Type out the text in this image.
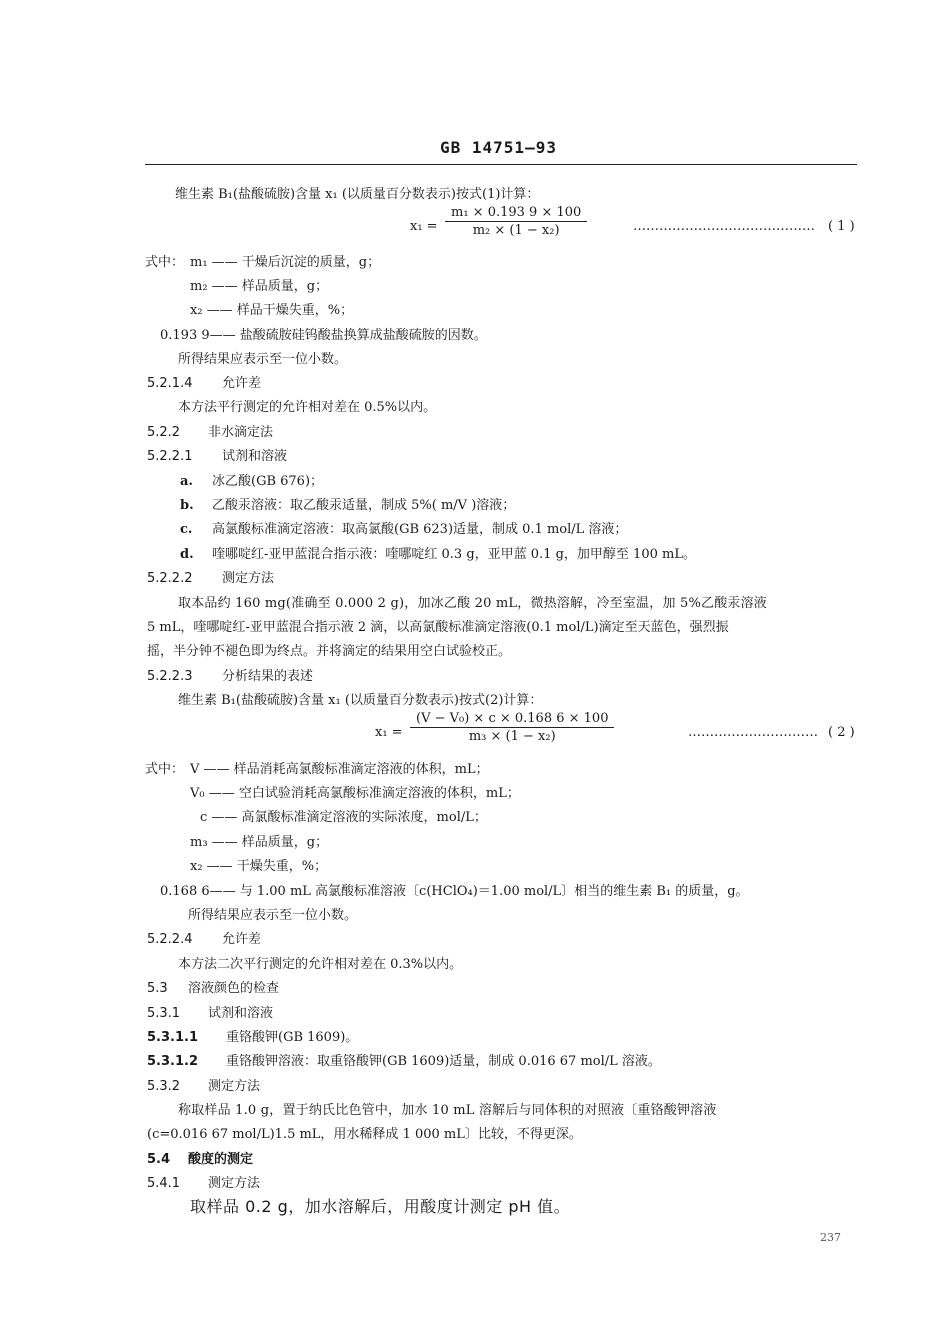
GB 14751—93
维生素 B₁(盐酸硫胺)含量 x₁ (以质量百分数表示)按式(1)计算：
x₁ =
m₁ × 0.193 9 × 100
m₂ × (1 − x₂)	…………………………………… ( 1 )
式中： m₁ —— 干燥后沉淀的质量，g；
m₂ —— 样品质量，g；
x₂ —— 样品干燥失重，%；
0.193 9—— 盐酸硫胺硅钨酸盐换算成盐酸硫胺的因数。
所得结果应表示至一位小数。
5.2.1.4 允许差
本方法平行测定的允许相对差在 0.5%以内。
5.2.2 非水滴定法
5.2.2.1 试剂和溶液
a. 冰乙酸(GB 676)；
b. 乙酸汞溶液：取乙酸汞适量，制成 5%( m/V )溶液；
c. 高氯酸标准滴定溶液：取高氯酸(GB 623)适量，制成 0.1 mol/L 溶液；
d. 喹哪啶红-亚甲蓝混合指示液：喹哪啶红 0.3 g，亚甲蓝 0.1 g，加甲醇至 100 mL。
5.2.2.2 测定方法
取本品约 160 mg(准确至 0.000 2 g)，加冰乙酸 20 mL，微热溶解，冷至室温，加 5%乙酸汞溶液
5 mL，喹哪啶红-亚甲蓝混合指示液 2 滴，以高氯酸标准滴定溶液(0.1 mol/L)滴定至天蓝色，强烈振
摇，半分钟不褪色即为终点。并将滴定的结果用空白试验校正。
5.2.2.3 分析结果的表述
维生素 B₁(盐酸硫胺)含量 x₁ (以质量百分数表示)按式(2)计算：
x₁ =
(V − V₀) × c × 0.168 6 × 100
m₃ × (1 − x₂)	………………………… ( 2 )
式中： V —— 样品消耗高氯酸标准滴定溶液的体积，mL；
V₀ —— 空白试验消耗高氯酸标准滴定溶液的体积，mL；
c —— 高氯酸标准滴定溶液的实际浓度，mol/L；
m₃ —— 样品质量，g；
x₂ —— 干燥失重，%；
0.168 6—— 与 1.00 mL 高氯酸标准溶液〔c(HClO₄)＝1.00 mol/L〕相当的维生素 B₁ 的质量，g。
所得结果应表示至一位小数。
5.2.2.4 允许差
本方法二次平行测定的允许相对差在 0.3%以内。
5.3 溶液颜色的检查
5.3.1 试剂和溶液
5.3.1.1 重铬酸钾(GB 1609)。
5.3.1.2 重铬酸钾溶液：取重铬酸钾(GB 1609)适量，制成 0.016 67 mol/L 溶液。
5.3.2 测定方法
称取样品 1.0 g，置于纳氏比色管中，加水 10 mL 溶解后与同体积的对照液〔重铬酸钾溶液
(c=0.016 67 mol/L)1.5 mL，用水稀释成 1 000 mL〕比较，不得更深。
5.4 酸度的测定
5.4.1 测定方法
取样品 0.2 g，加水溶解后，用酸度计测定 pH 值。
237
